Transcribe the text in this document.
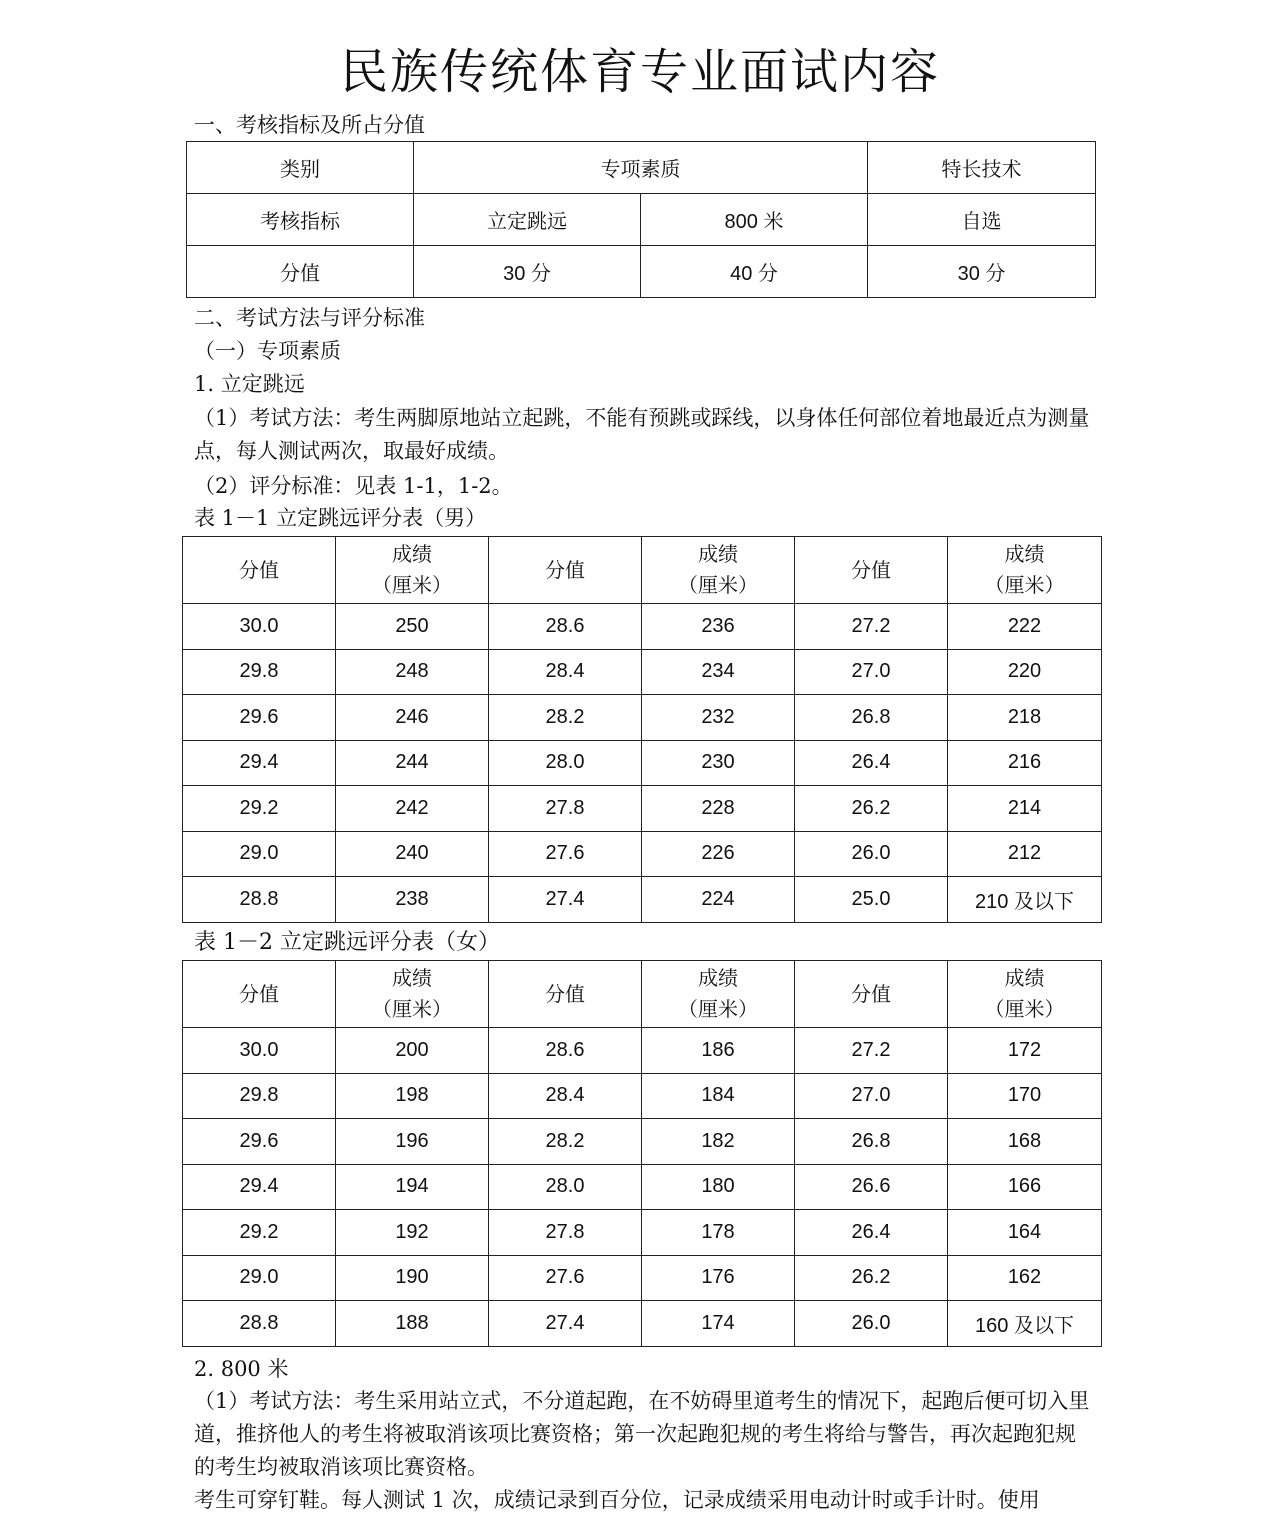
民族传统体育专业面试内容
一、考核指标及所占分值
类别	专项素质		特长技术
考核指标	立定跳远	800 米	自选
分值	30 分	40 分	30 分
二、考试方法与评分标准
（一）专项素质
1. 立定跳远
（1）考试方法：考生两脚原地站立起跳，不能有预跳或踩线，以身体任何部位着地最近点为测量点，每人测试两次，取最好成绩。
（2）评分标准：见表 1-1，1-2。
表 1－1 立定跳远评分表（男）
分值	成绩
（厘米）	分值	成绩
（厘米）	分值	成绩
（厘米）
30.0	250	28.6	236	27.2	222
29.8	248	28.4	234	27.0	220
29.6	246	28.2	232	26.8	218
29.4	244	28.0	230	26.4	216
29.2	242	27.8	228	26.2	214
29.0	240	27.6	226	26.0	212
28.8	238	27.4	224	25.0	210 及以下
表 1－2 立定跳远评分表（女）
分值	成绩
（厘米）	分值	成绩
（厘米）	分值	成绩
（厘米）
30.0	200	28.6	186	27.2	172
29.8	198	28.4	184	27.0	170
29.6	196	28.2	182	26.8	168
29.4	194	28.0	180	26.6	166
29.2	192	27.8	178	26.4	164
29.0	190	27.6	176	26.2	162
28.8	188	27.4	174	26.0	160 及以下
2. 800 米
（1）考试方法：考生采用站立式，不分道起跑，在不妨碍里道考生的情况下，起跑后便可切入里道，推挤他人的考生将被取消该项比赛资格；第一次起跑犯规的考生将给与警告，再次起跑犯规的考生均被取消该项比赛资格。
考生可穿钉鞋。每人测试 1 次，成绩记录到百分位，记录成绩采用电动计时或手计时。使用
